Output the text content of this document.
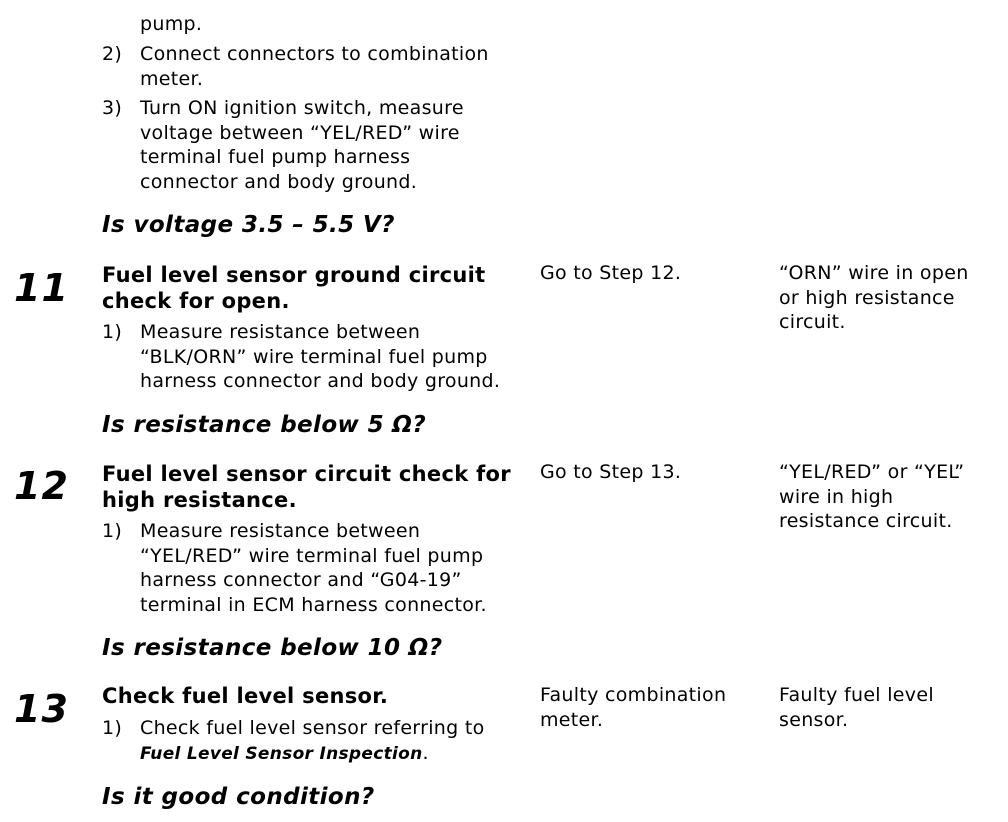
pump.
2) Connect connectors to combination
meter.
3) Turn ON ignition switch, measure
voltage between “YEL/RED” wire
terminal fuel pump harness
connector and body ground.
Is voltage 3.5 – 5.5 V?
11 Fuel level sensor ground circuit
check for open.
1) Measure resistance between
“BLK/ORN” wire terminal fuel pump
harness connector and body ground.
Is resistance below 5 Ω?
Go to Step 12.	“ORN” wire in open
or high resistance
circuit.
12 Fuel level sensor circuit check for
high resistance.
1) Measure resistance between
“YEL/RED” wire terminal fuel pump
harness connector and “G04-19”
terminal in ECM harness connector.
Is resistance below 10 Ω?
Go to Step 13.	“YEL/RED” or “YEL”
wire in high
resistance circuit.
13 Check fuel level sensor.
1) Check fuel level sensor referring to
Fuel Level Sensor Inspection.
Is it good condition?
Faulty combination
meter.
Faulty fuel level
sensor.
